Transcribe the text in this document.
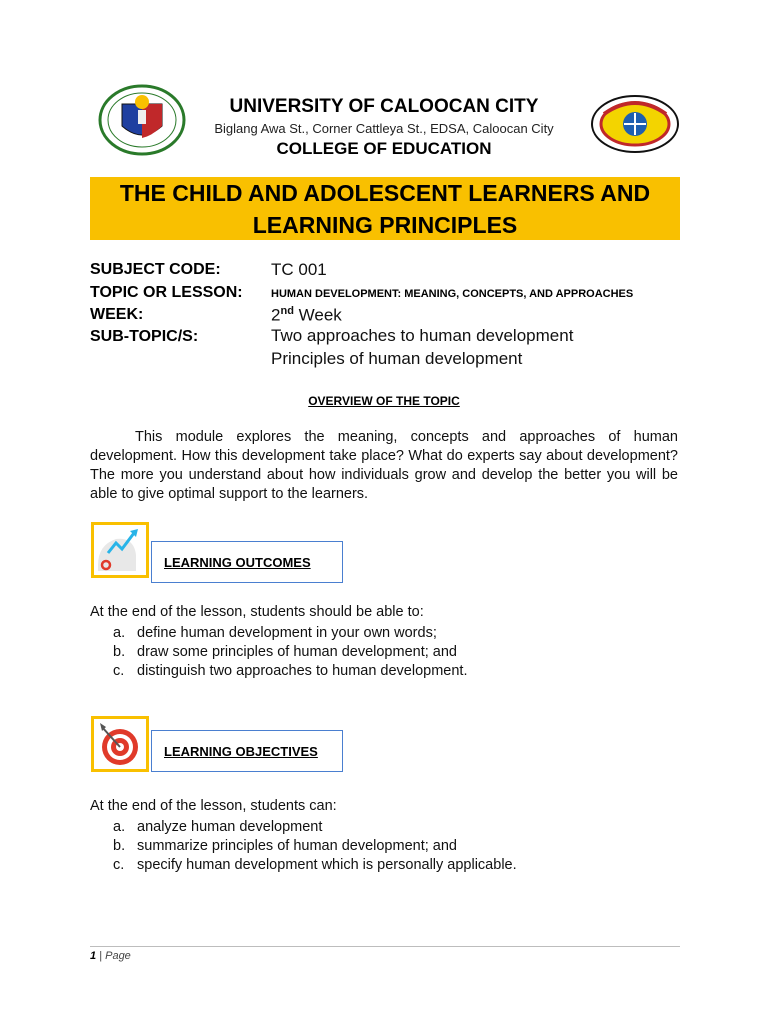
UNIVERSITY OF CALOOCAN CITY
Biglang Awa St., Corner Cattleya St., EDSA, Caloocan City
COLLEGE OF EDUCATION
THE CHILD AND ADOLESCENT LEARNERS AND LEARNING PRINCIPLES
SUBJECT CODE:	TC 001
TOPIC OR LESSON:	HUMAN DEVELOPMENT: MEANING, CONCEPTS, AND APPROACHES
WEEK:	2nd Week
SUB-TOPIC/S:	Two approaches to human development
Principles of human development
OVERVIEW OF THE TOPIC
This module explores the meaning, concepts and approaches of human development. How this development take place? What do experts say about development? The more you understand about how individuals grow and develop the better you will be able to give optimal support to the learners.
LEARNING OUTCOMES
At the end of the lesson, students should be able to:
a. define human development in your own words;
b. draw some principles of human development; and
c. distinguish two approaches to human development.
LEARNING OBJECTIVES
At the end of the lesson, students can:
a. analyze human development
b. summarize principles of human development; and
c. specify human development which is personally applicable.
1 | Page
